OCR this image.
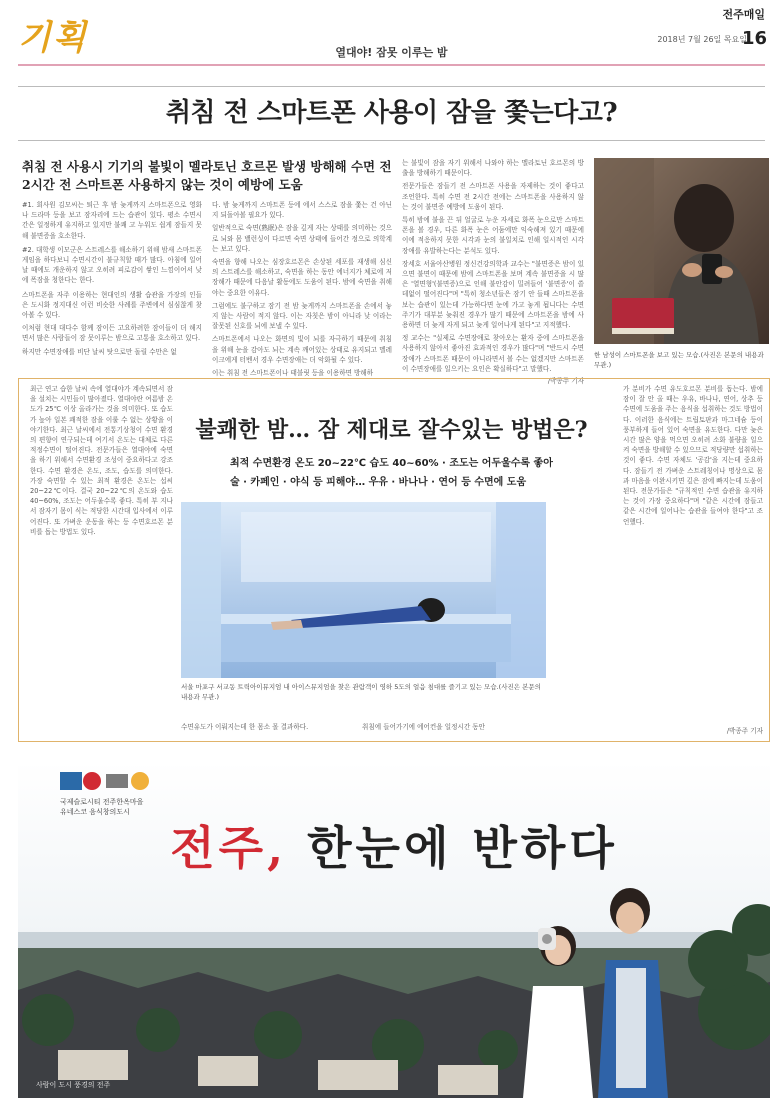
기획	열대야! 잠못 이루는 밤
전주매일
2018년 7월 26일 목요일
16
취침 전 스마트폰 사용이 잠을 쫓는다고?
취침 전 사용시 기기의 불빛이 멜라토닌 호르몬 발생 방해해 수면 전 2시간 전 스마트폰 사용하지 않는 것이 예방에 도움

#1. 회사원 김모씨는 퇴근 후 밤 늦게까지 스마트폰으로 영화나 드라마 등을 보고 잠자리에 드는 습관이 있다. 평소 수면시간은 일정하게 유지하고 있지만 불쾌 고 누워도 쉽게 잠들지 못해 불면증을 호소한다.

#2. 대학생 이모군은 스트레스를 해소하기 위해 밤새 스마트폰 게임을 하다보니 수면시간이 불규칙할 때가 많다. 아침에 일어날 때에도 개운하지 않고 오히려 피로감이 쌓인 느낌이어서 낮에 폭잠을 청한다는 한다.

스마트폰을 자주 이용하는 현대인의 생활 습관을 가장의 인들은 도시화 정지대신 이런 비슷한 사례를 주변에서 심심찮게 찾아볼 수 있다.

이처럼 현대 대다수 함께 잠이든 고요하려한 잠이들이 더 해지면서 많은 사람들이 잠 못이루는 밤으로 고통을 호소하고 있다.

하지만 수면장애를 비단 날씨 탓으로만 돌릴 수만은 없

다. 밤 늦게까지 스마트폰 등에 에서 스스로 잠을 쫓는 건 아닌지 되돌아볼 필요가 있다.

일반적으로 숙면(熟眠)은 잠을 깊게 자는 상태를 의미하는 것으로 뇌와 몸 밸런싱이 다르면 숙면 상태에 들어간 정으로 의학계는 보고 있다.

숙면을 향해 나오는 심장호르몬은 손상된 세포를 재생해 심신의 스트레스를 해소하고, 숙면을 하는 동안 에너지가 체로에 저장해가 때문에 다음날 활동에도 도움이 된다. 밤에 숙면을 취해야는 중요한 이유다.

그럼에도 불구하고 잠기 전 밤 늦게까지 스마트폰을 손에서 놓지 않는 사람이 적지 않다. 이는 자칫은 밤이 아니라 낮 이라는 잘못된 신호를 뇌에 보낼 수 있다.

스마트폰에서 나오는 화면의 빛이 뇌를 자극하기 때문에 취침을 위해 눈을 감아도 뇌는 계속 깨어있는 상태로 유지되고 멜레이크에게 터벤서 경우 수면장애는 더 악화될 수 있다.

이는 취침 전 스마트폰이나 태블릿 등을 이용하면 방해하

는 불빛이 잠을 자기 위해서 나와야 하는 멜라토닌 호르몬의 방출을 방해하기 때문이다.

전문가들은 잠들기 전 스마트폰 사용을 자제하는 것이 좋다고 조언한다. 특히 수면 전 2시간 전에는 스마트폰을 사용하지 않는 것이 불면증 예방에 도움이 된다.

특히 밤에 불을 끈 뒤 얼굴로 누운 자세로 화폭 눈으로만 스마트폰을 볼 경우, 다른 화폭 눈은 어둠에만 익숙해져 있기 때문에 이에 적응하지 못한 시각과 눈의 불일치로 인해 일시적인 시각장애를 유발하는다는 분석도 있다.

장세호 서울아산병원 정신건강의학과 교수는 "불면증은 밤이 있으면 불면이 때문에 밤에 스마트폰을 보며 계속 불면증을 시 많은 '열면형'(불면증)으로 인해 불안감이 밀려들어 '불면증'이 쓸데없이 떨어진다"며 "특히 청소년들은 잠기 안 들때 스마트폰을 보는 습관이 있는데 가능하다면 눈에 가고 놓게 됩니다는 수면주기가 대부분 늦춰진 경우가 많기 때문에 스마트폰을 밤에 사용하면 더 늦게 자게 되고 늦게 일어나게 된다"고 지적했다.

정 교수는 "실제로 수면장애로 찾아오는 환자 중에 스마트폰을 사용하지 않아서 좋아진 효과적인 경우가 많다"며 "반드시 수면장애가 스마트폰 때문이 아니라면서 볼 수는 없겠지만 스마트폰이 수면장애를 일으키는 요인은 확실하다"고 말했다.

/박종주 기자

한 남성이 스마트폰을 보고 있는 모습.(사진은 본문의 내용과 무관.)
불쾌한 밤… 잠 제대로 잘수있는 방법은?
최적 수면환경 온도 20~22℃ 습도 40~60% · 조도는 어두울수록 좋아
술 · 카페인 · 야식 등 피해야… 우유 · 바나나 · 연어 등 수면에 도움

최근 연고 습한 날씨 속에 열대야가 계속되면서 잠을 설치는 시민들이 많아졌다. 열대야란 여름밤 온도가 25℃ 이상 올라가는 것을 의미한다. 또 습도가 높아 일본 쾌적한 잠을 이룰 수 없는 상황을 이야기한다. 최근 날씨에서 전통기상청이 수면 환경의 편향이 연구되는데 여기서 온도는 대체로 다른 적정수면이 떨어진다. 전문가들은 열대야에 숙면을 하기 위해서 수면환경 조성이 중요하다고 강조한다. 수면 환경은 온도, 조도, 습도를 의미한다. 가장 숙면할 수 있는 최적 환경은 온도는 섭씨 20~22℃이다. 결국 20~22℃의 온도와 습도 40~60%, 조도는 어두울수록 좋다. 특히 부 지나서 잠자기 몸이 식는 적당한 시간대 입사에서 이루어진다. 또 가벼운 운동을 하는 등 수면호르몬 분비를 돕는 방법도 있다.

수면유도가 이뤄지는데 한 몸소 몰 결과하다.	취침에 들어가기에 에어컨을 일정시간 동안

가 분비가 수면 유도호르몬 분비를 돕는다. 밤에 잠이 잘 안 올 때는 우유, 바나나, 연어, 상추 등 수면에 도움을 주는 음식을 섭취하는 것도 방법이다. 이러한 음식에는 트립토판과 마그네슘 등이 풍부하게 들어 있어 숙면을 유도한다. 다만 늦은 시간 많은 양을 먹으면 오히려 소화 불량을 일으켜 숙면을 방해할 수 있으므로 적당량만 섭취하는 것이 좋다. 수면 자체도 '공감'을 지는데 중요하다. 잠들기 전 가벼운 스트레칭이나 명상으로 몸과 마음을 이완시키면 깊은 잠에 빠지는데 도움이 된다. 전문가들은 "규칙적인 수면 습관을 유지하는 것이 가장 중요하다"며 "같은 시간에 잠들고 같은 시간에 일어나는 습관을 들여야 한다"고 조언했다.

/박종주 기자

서울 마포구 서교동 트릭아이뮤지엄 내 아이스뮤지엄을 찾은 관람객이 영하 5도의 얼음 침대를 즐기고 있는 모습.(사진은 본문의 내용과 무관.)
국제슬로시티 전주한옥마을
유네스코 음식창의도시
전주, 한눈에 반하다
사람이 도시 풍경의 전주
